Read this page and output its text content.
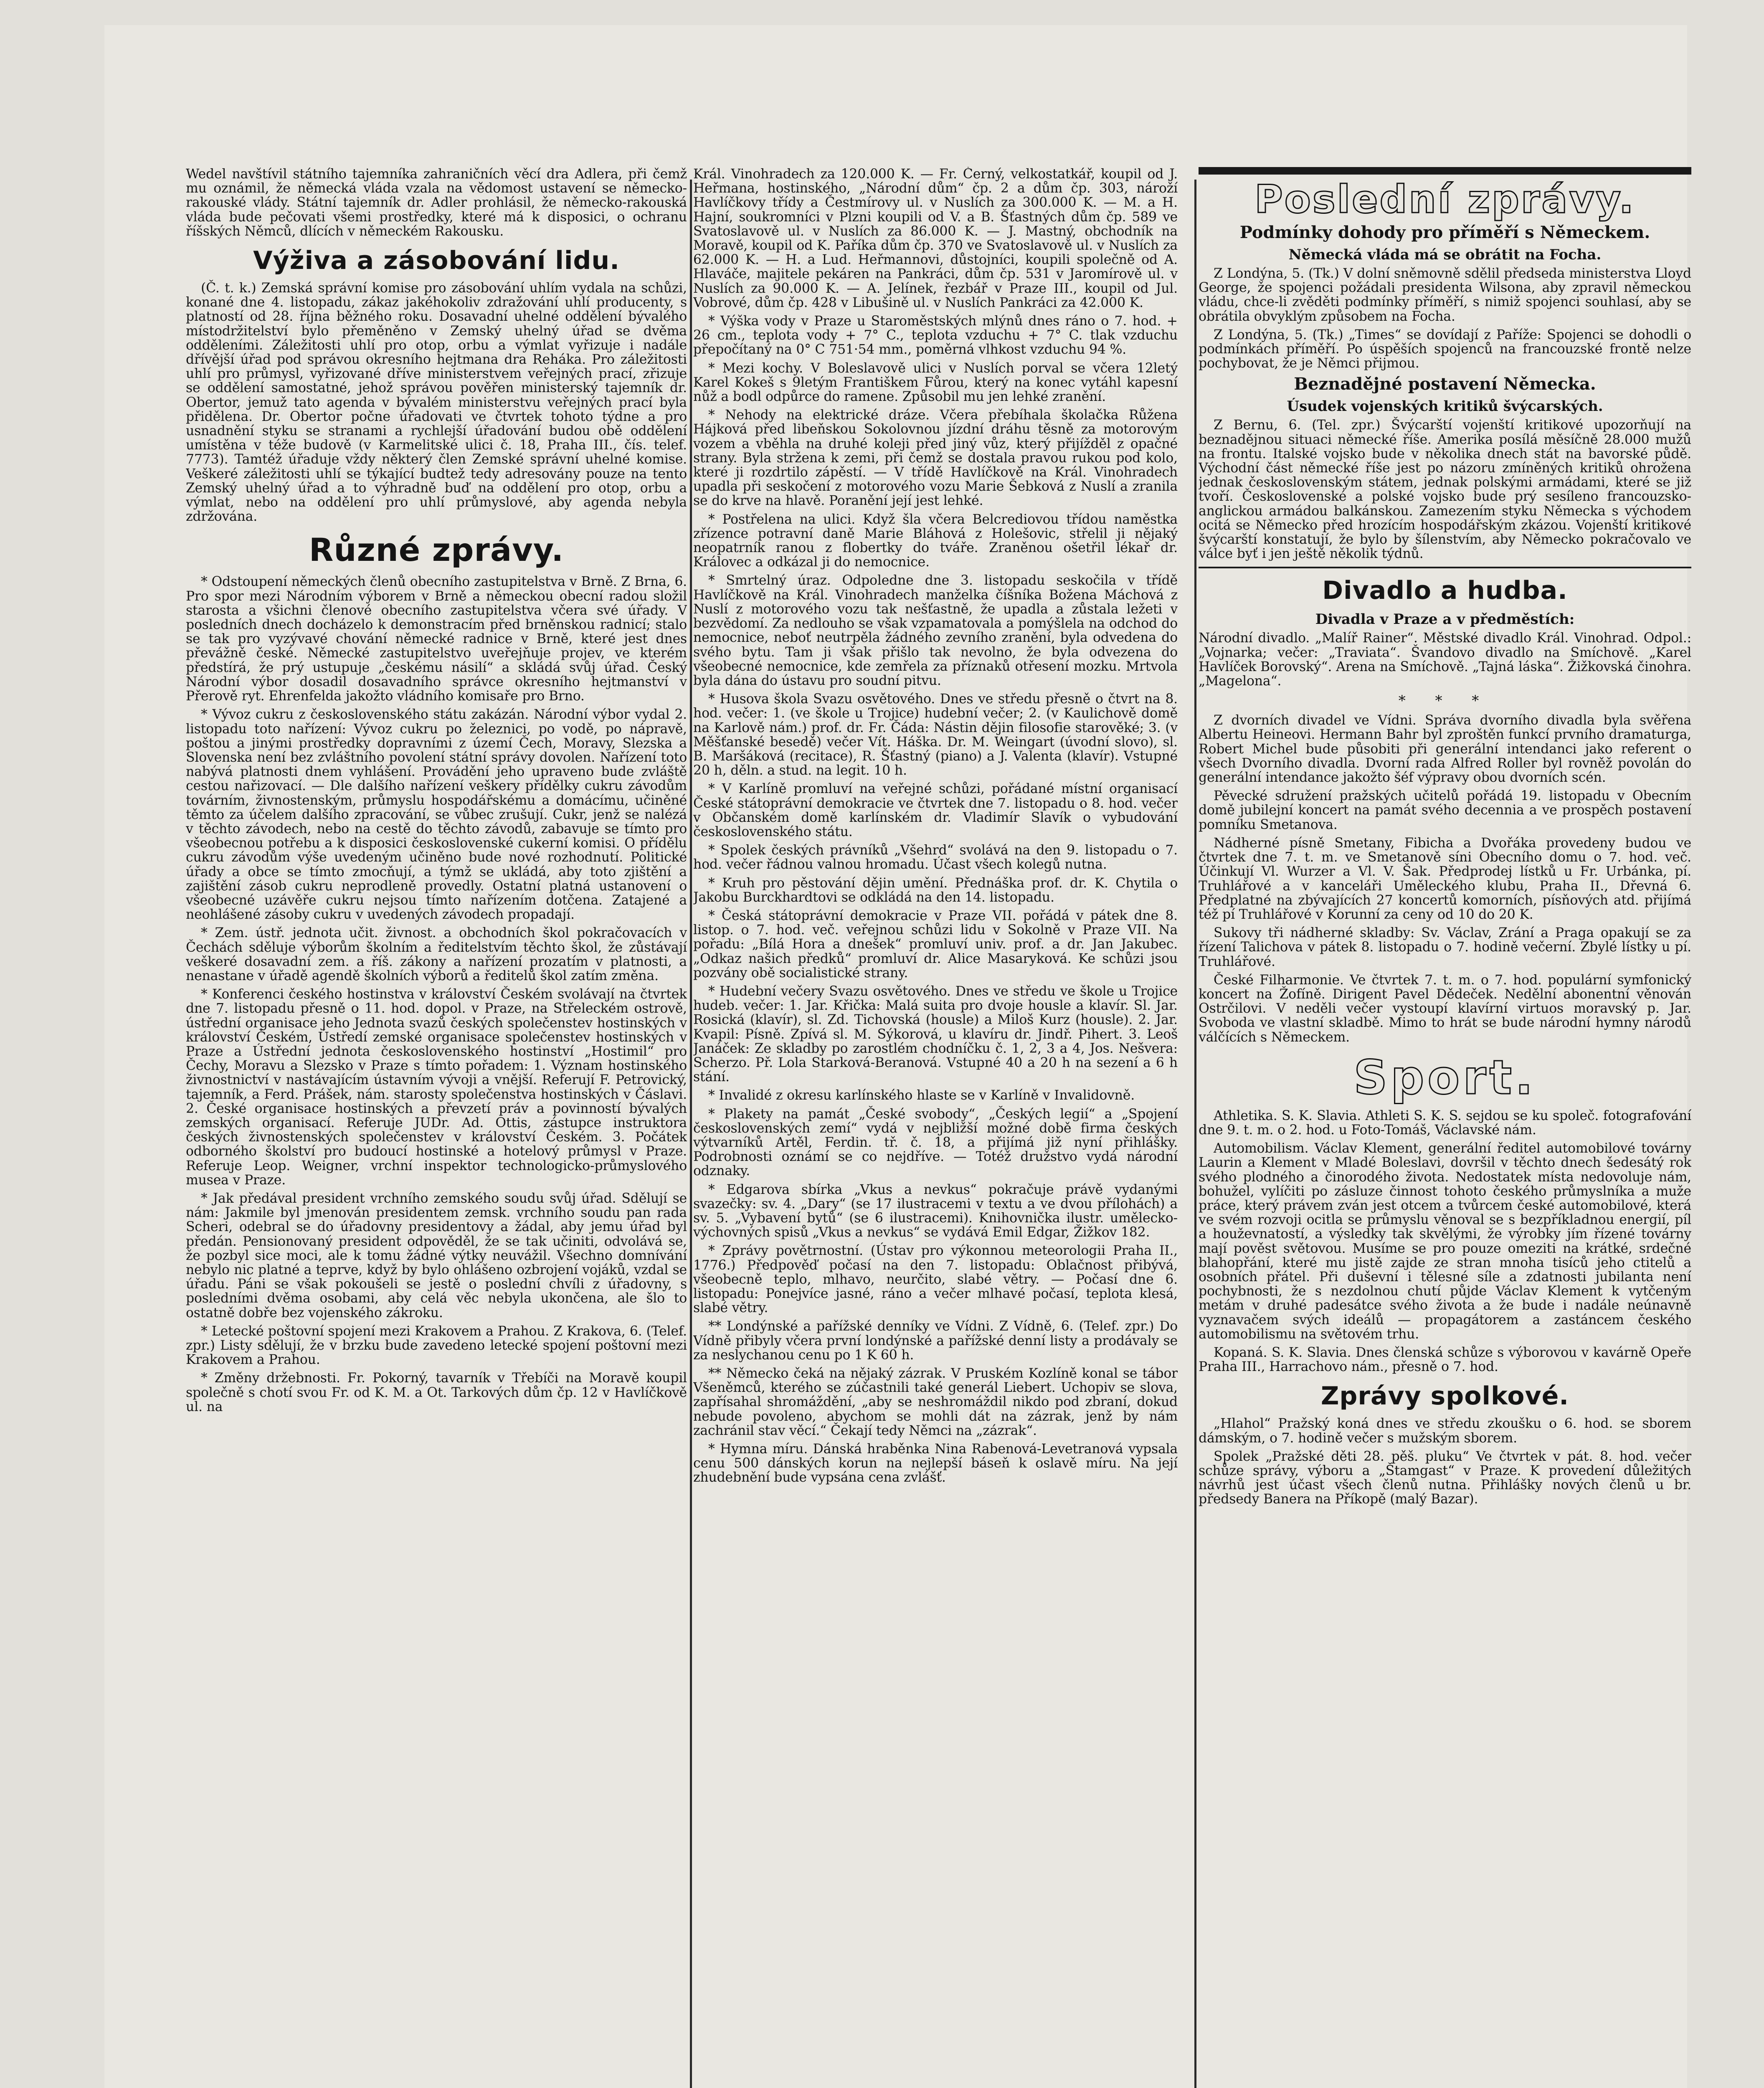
Wedel navštívil státního tajemníka zahraničních věcí dra Adlera, při čemž mu oznámil, že německá vláda vzala na vědomost ustavení se německo-rakouské vlády. Státní tajemník dr. Adler prohlásil, že německo-rakouská vláda bude pečovati všemi prostředky, které má k disposici, o ochranu říšských Němců, dlících v německém Rakousku.

Výživa a zásobování lidu.

(Č. t. k.) Zemská správní komise pro zásobování uhlím vydala na schůzi, konané dne 4. listopadu, zákaz jakéhokoliv zdražování uhlí producenty, s platností od 28. října běžného roku. Dosavadní uhelné oddělení bývalého místodržitelství bylo přeměněno v Zemský uhelný úřad se dvěma odděleními. Záležitosti uhlí pro otop, orbu a výmlat vyřizuje i nadále dřívější úřad pod správou okresního hejtmana dra Reháka. Pro záležitosti uhlí pro průmysl, vyřizované dříve ministerstvem veřejných prací, zřizuje se oddělení samostatné, jehož správou pověřen ministerský tajemník dr. Obertor, jemuž tato agenda v bývalém ministerstvu veřejných prací byla přidělena. Dr. Obertor počne úřadovati ve čtvrtek tohoto týdne a pro usnadnění styku se stranami a rychlejší úřadování budou obě oddělení umístěna v téže budově (v Karmelitské ulici č. 18, Praha III., čís. telef. 7773). Tamtéž úřaduje vždy některý člen Zemské správní uhelné komise. Veškeré záležitosti uhlí se týkající budtež tedy adresovány pouze na tento Zemský uhelný úřad a to výhradně buď na oddělení pro otop, orbu a výmlat, nebo na oddělení pro uhlí průmyslové, aby agenda nebyla zdržována.

Různé zprávy.

* Odstoupení německých členů obecního zastupitelstva v Brně. Z Brna, 6. Pro spor mezi Národním výborem v Brně a německou obecní radou složil starosta a všichni členové obecního zastupitelstva včera své úřady. V posledních dnech docházelo k demonstracím před brněnskou radnicí; stalo se tak pro vyzývavé chování německé radnice v Brně, které jest dnes převážně české. Německé zastupitelstvo uveřejňuje projev, ve kterém předstírá, že prý ustupuje „českému násilí“ a skládá svůj úřad. Český Národní výbor dosadil dosavadního správce okresního hejtmanství v Přerově ryt. Ehrenfelda jakožto vládního komisaře pro Brno.

* Vývoz cukru z československého státu zakázán. Národní výbor vydal 2. listopadu toto nařízení: Vývoz cukru po železnici, po vodě, po nápravě, poštou a jinými prostředky dopravními z území Čech, Moravy, Slezska a Slovenska není bez zvláštního povolení státní správy dovolen. Nařízení toto nabývá platnosti dnem vyhlášení. Provádění jeho upraveno bude zvláště cestou nařizovací. — Dle dalšího nařízení veškery přídělky cukru závodům továrním, živnostenským, průmyslu hospodářskému a domácímu, učiněné těmto za účelem dalšího zpracování, se vůbec zrušují. Cukr, jenž se nalézá v těchto závodech, nebo na cestě do těchto závodů, zabavuje se tímto pro všeobecnou potřebu a k disposici československé cukerní komisi. O přídělu cukru závodům výše uvedeným učiněno bude nové rozhodnutí. Politické úřady a obce se tímto zmocňují, a týmž se ukládá, aby toto zjištění a zajištění zásob cukru neprodleně provedly. Ostatní platná ustanovení o všeobecné uzávěře cukru nejsou tímto nařízením dotčena. Zatajené a neohlášené zásoby cukru v uvedených závodech propadají.

* Zem. ústř. jednota učit. živnost. a obchodních škol pokračovacích v Čechách sděluje výborům školním a ředitelstvím těchto škol, že zůstávají veškeré dosavadní zem. a říš. zákony a nařízení prozatím v platnosti, a nenastane v úřadě agendě školních výborů a ředitelů škol zatím změna.

* Konferenci českého hostinstva v království Českém svolávají na čtvrtek dne 7. listopadu přesně o 11. hod. dopol. v Praze, na Střeleckém ostrově, ústřední organisace jeho Jednota svazů českých společenstev hostinských v království Českém, Ústředí zemské organisace společenstev hostinských v Praze a Ústřední jednota československého hostinství „Hostimil“ pro Čechy, Moravu a Slezsko v Praze s tímto pořadem: 1. Význam hostinského živnostnictví v nastávajícím ústavním vývoji a vnější. Referují F. Petrovický, tajemník, a Ferd. Prášek, nám. starosty společenstva hostinských v Čáslavi. 2. České organisace hostinských a převzetí práv a povinností bývalých zemských organisací. Referuje JUDr. Ad. Ottis, zástupce instruktora českých živnostenských společenstev v království Českém. 3. Počátek odborného školství pro budoucí hostinské a hotelový průmysl v Praze. Referuje Leop. Weigner, vrchní inspektor technologicko-průmyslového musea v Praze.

* Jak předával president vrchního zemského soudu svůj úřad. Sdělují se nám: Jakmile byl jmenován presidentem zemsk. vrchního soudu pan rada Scheri, odebral se do úřadovny presidentovy a žádal, aby jemu úřad byl předán. Pensionovaný president odpověděl, že se tak učiniti, odvolává se, že pozbyl sice moci, ale k tomu žádné výtky neuvážil. Všechno domnívání nebylo nic platné a teprve, když by bylo ohlášeno ozbrojení vojáků, vzdal se úřadu. Páni se však pokoušeli se jestě o poslední chvíli z úřadovny, s posledními dvěma osobami, aby celá věc nebyla ukončena, ale šlo to ostatně dobře bez vojenského zákroku.

* Letecké poštovní spojení mezi Krakovem a Prahou. Z Krakova, 6. (Telef. zpr.) Listy sdělují, že v brzku bude zavedeno letecké spojení poštovní mezi Krakovem a Prahou.

* Změny držebnosti. Fr. Pokorný, tavarník v Třebíči na Moravě koupil společně s chotí svou Fr. od K. M. a Ot. Tarkových dům čp. 12 v Havlíčkově ul. na

Král. Vinohradech za 120.000 K. — Fr. Černý, velkostatkář, koupil od J. Heřmana, hostinského, „Národní dům“ čp. 2 a dům čp. 303, nároží Havlíčkovy třídy a Čestmírovy ul. v Nuslích za 300.000 K. — M. a H. Hajní, soukromníci v Plzni koupili od V. a B. Šťastných dům čp. 589 ve Svatoslavově ul. v Nuslích za 86.000 K. — J. Mastný, obchodník na Moravě, koupil od K. Paříka dům čp. 370 ve Svatoslavově ul. v Nuslích za 62.000 K. — H. a Lud. Heřmannovi, důstojníci, koupili společně od A. Hlaváče, majitele pekáren na Pankráci, dům čp. 531 v Jaromírově ul. v Nuslích za 90.000 K. — A. Jelínek, řezbář v Praze III., koupil od Jul. Vobrové, dům čp. 428 v Libušině ul. v Nuslích Pankráci za 42.000 K.

* Výška vody v Praze u Staroměstských mlýnů dnes ráno o 7. hod. + 26 cm., teplota vody + 7° C., teplota vzduchu + 7° C. tlak vzduchu přepočítaný na 0° C 751·54 mm., poměrná vlhkost vzduchu 94 %.

* Mezi kochy. V Boleslavově ulici v Nuslích porval se včera 12letý Karel Kokeš s 9letým Františkem Fůrou, který na konec vytáhl kapesní nůž a bodl odpůrce do ramene. Způsobil mu jen lehké zranění.

* Nehody na elektrické dráze. Včera přebíhala školačka Růžena Hájková před libeňskou Sokolovnou jízdní dráhu těsně za motorovým vozem a vběhla na druhé koleji před jiný vůz, který přijížděl z opačné strany. Byla stržena k zemi, při čemž se dostala pravou rukou pod kolo, které ji rozdrtilo zápěstí. — V třídě Havlíčkově na Král. Vinohradech upadla při seskočení z motorového vozu Marie Šebková z Nuslí a zranila se do krve na hlavě. Poranění její jest lehké.

* Postřelena na ulici. Když šla včera Belcrediovou třídou naměstka zřízence potravní daně Marie Bláhová z Holešovic, střelil ji nějaký neopatrník ranou z flobertky do tváře. Zraněnou ošetřil lékař dr. Královec a odkázal ji do nemocnice.

* Smrtelný úraz. Odpoledne dne 3. listopadu seskočila v třídě Havlíčkově na Král. Vinohradech manželka číšníka Božena Máchová z Nuslí z motorového vozu tak nešťastně, že upadla a zůstala ležeti v bezvědomí. Za nedlouho se však vzpamatovala a pomýšlela na odchod do nemocnice, neboť neutrpěla žádného zevního zranění, byla odvedena do svého bytu. Tam ji však přišlo tak nevolno, že byla odvezena do všeobecné nemocnice, kde zemřela za příznaků otřesení mozku. Mrtvola byla dána do ústavu pro soudní pitvu.

* Husova škola Svazu osvětového. Dnes ve středu přesně o čtvrt na 8. hod. večer: 1. (ve škole u Trojice) hudební večer; 2. (v Kaulichově domě na Karlově nám.) prof. dr. Fr. Čáda: Nástin dějin filosofie starověké; 3. (v Měšťanské besedě) večer Vít. Háška. Dr. M. Weingart (úvodní slovo), sl. B. Maršáková (recitace), R. Šťastný (piano) a J. Valenta (klavír). Vstupné 20 h, děln. a stud. na legit. 10 h.

* V Karlíně promluví na veřejné schůzi, pořádané místní organisací České státoprávní demokracie ve čtvrtek dne 7. listopadu o 8. hod. večer v Občanském domě karlínském dr. Vladimír Slavík o vybudování československého státu.

* Spolek českých právníků „Všehrd“ svolává na den 9. listopadu o 7. hod. večer řádnou valnou hromadu. Účast všech kolegů nutna.

* Kruh pro pěstování dějin umění. Přednáška prof. dr. K. Chytila o Jakobu Burckhardtovi se odkládá na den 14. listopadu.

* Česká státoprávní demokracie v Praze VII. pořádá v pátek dne 8. listop. o 7. hod. več. veřejnou schůzi lidu v Sokolně v Praze VII. Na pořadu: „Bílá Hora a dnešek“ promluví univ. prof. a dr. Jan Jakubec. „Odkaz našich předků“ promluví dr. Alice Masaryková. Ke schůzi jsou pozvány obě socialistické strany.

* Hudební večery Svazu osvětového. Dnes ve středu ve škole u Trojice hudeb. večer: 1. Jar. Křička: Malá suita pro dvoje housle a klavír. Sl. Jar. Rosická (klavír), sl. Zd. Tichovská (housle) a Miloš Kurz (housle). 2. Jar. Kvapil: Písně. Zpívá sl. M. Sýkorová, u klavíru dr. Jindř. Pihert. 3. Leoš Janáček: Ze skladby po zarostlém chodníčku č. 1, 2, 3 a 4, Jos. Nešvera: Scherzo. Př. Lola Starková-Beranová. Vstupné 40 a 20 h na sezení a 6 h stání.

* Invalidé z okresu karlínského hlaste se v Karlíně v Invalidovně.

* Plakety na památ „České svobody“, „Českých legií“ a „Spojení československých zemí“ vydá v nejbližší možné době firma českých výtvarníků Artěl, Ferdin. tř. č. 18, a přijímá již nyní přihlášky. Podrobnosti oznámí se co nejdříve. — Totéž družstvo vydá národní odznaky.

* Edgarova sbírka „Vkus a nevkus“ pokračuje právě vydanými svazečky: sv. 4. „Dary“ (se 17 ilustracemi v textu a ve dvou přílohách) a sv. 5. „Vybavení bytů“ (se 6 ilustracemi). Knihovnička ilustr. umělecko-výchovných spisů „Vkus a nevkus“ se vydává Emil Edgar, Žižkov 182.

* Zprávy povětrnostní. (Ústav pro výkonnou meteorologii Praha II., 1776.) Předpověď počasí na den 7. listopadu: Oblačnost přibývá, všeobecně teplo, mlhavo, neurčito, slabé větry. — Počasí dne 6. listopadu: Ponejvíce jasné, ráno a večer mlhavé počasí, teplota klesá, slabé větry.

** Londýnské a pařížské denníky ve Vídni. Z Vídně, 6. (Telef. zpr.) Do Vídně přibyly včera první londýnské a pařížské denní listy a prodávaly se za neslychanou cenu po 1 K 60 h.

** Německo čeká na nějaký zázrak. V Pruském Kozlíně konal se tábor Všeněmců, kterého se zúčastnili také generál Liebert. Uchopiv se slova, zapřísahal shromáždění, „aby se neshromáždil nikdo pod zbraní, dokud nebude povoleno, abychom se mohli dát na zázrak, jenž by nám zachránil stav věcí.“ Čekají tedy Němci na „zázrak“.

* Hymna míru. Dánská hraběnka Nina Rabenová-Levetranová vypsala cenu 500 dánských korun na nejlepší báseň k oslavě míru. Na její zhudebnění bude vypsána cena zvlášť.

Poslední zprávy.
Podmínky dohody pro příměří s Německem.
Německá vláda má se obrátit na Focha.

Z Londýna, 5. (Tk.) V dolní sněmovně sdělil předseda ministerstva Lloyd George, že spojenci požádali presidenta Wilsona, aby zpravil německou vládu, chce-li zvěděti podmínky příměří, s nimiž spojenci souhlasí, aby se obrátila obvyklým způsobem na Focha.

Z Londýna, 5. (Tk.) „Times“ se dovídají z Paříže: Spojenci se dohodli o podmínkách příměří. Po úspěších spojenců na francouzské frontě nelze pochybovat, že je Němci přijmou.

Beznadějné postavení Německa.
Úsudek vojenských kritiků švýcarských.

Z Bernu, 6. (Tel. zpr.) Švýcarští vojenští kritikové upozorňují na beznadějnou situaci německé říše. Amerika posílá měsíčně 28.000 mužů na frontu. Italské vojsko bude v několika dnech stát na bavorské půdě. Východní část německé říše jest po názoru zmíněných kritiků ohrožena jednak československým státem, jednak polskými armádami, které se již tvoří. Československé a polské vojsko bude prý sesíleno francouzsko-anglickou armádou balkánskou. Zamezením styku Německa s východem ocitá se Německo před hrozícím hospodářským zkázou. Vojenští kritikové švýcarští konstatují, že bylo by šílenstvím, aby Německo pokračovalo ve válce byť i jen ještě několik týdnů.

Divadlo a hudba.
Divadla v Praze a v předměstích:

Národní divadlo. „Malíř Rainer“. Městské divadlo Král. Vinohrad. Odpol.: „Vojnarka; večer: „Traviata“. Švandovo divadlo na Smíchově. „Karel Havlíček Borovský“. Arena na Smíchově. „Tajná láska“. Žižkovská činohra. „Magelona“.

* * *

Z dvorních divadel ve Vídni. Správa dvorního divadla byla svěřena Albertu Heineovi. Hermann Bahr byl zproštěn funkcí prvního dramaturga, Robert Michel bude působiti při generální intendanci jako referent o všech Dvorního divadla. Dvorní rada Alfred Roller byl rovněž povolán do generální intendance jakožto šéf výpravy obou dvorních scén.

Pěvecké sdružení pražských učitelů pořádá 19. listopadu v Obecním domě jubilejní koncert na památ svého decennia a ve prospěch postavení pomníku Smetanova.

Nádherné písně Smetany, Fibicha a Dvořáka provedeny budou ve čtvrtek dne 7. t. m. ve Smetanově síni Obecního domu o 7. hod. več. Účinkují Vl. Wurzer a Vl. V. Šak. Předprodej lístků u Fr. Urbánka, pí. Truhlářové a v kanceláři Uměleckého klubu, Praha II., Dřevná 6. Předplatné na zbývajících 27 koncertů komorních, písňových atd. přijímá též pí Truhlářové v Korunní za ceny od 10 do 20 K.

Sukovy tři nádherné skladby: Sv. Václav, Zrání a Praga opakují se za řízení Talichova v pátek 8. listopadu o 7. hodině večerní. Zbylé lístky u pí. Truhlářové.

České Filharmonie. Ve čtvrtek 7. t. m. o 7. hod. populární symfonický koncert na Žofíně. Dirigent Pavel Dědeček. Nedělní abonentní věnován Ostrčilovi. V neděli večer vystoupí klavírní virtuos moravský p. Jar. Svoboda ve vlastní skladbě. Mimo to hrát se bude národní hymny národů válčících s Německem.

Sport.

Athletika. S. K. Slavia. Athleti S. K. S. sejdou se ku společ. fotografování dne 9. t. m. o 2. hod. u Foto-Tomáš, Václavské nám.

Automobilism. Václav Klement, generální ředitel automobilové továrny Laurin a Klement v Mladé Boleslavi, dovršil v těchto dnech šedesátý rok svého plodného a činorodého života. Nedostatek místa nedovoluje nám, bohužel, vylíčiti po zásluze činnost tohoto českého průmyslníka a muže práce, který právem zván jest otcem a tvůrcem české automobilové, která ve svém rozvoji ocitla se průmyslu věnoval se s bezpříkladnou energií, píl a houževnatostí, a výsledky tak skvělými, že výrobky jím řízené továrny mají pověst světovou. Musíme se pro pouze omeziti na krátké, srdečné blahopřání, které mu jistě zajde ze stran mnoha tisíců jeho ctitelů a osobních přátel. Při duševní i tělesné síle a zdatnosti jubilanta není pochybnosti, že s nezdolnou chutí půjde Václav Klement k vytčeným metám v druhé padesátce svého života a že bude i nadále neúnavně vyznavačem svých ideálů — propagátorem a zastáncem českého automobilismu na světovém trhu.

Kopaná. S. K. Slavia. Dnes členská schůze s výborovou v kavárně Opeře Praha III., Harrachovo nám., přesně o 7. hod.

Zprávy spolkové.

„Hlahol“ Pražský koná dnes ve středu zkoušku o 6. hod. se sborem dámským, o 7. hodině večer s mužským sborem.

Spolek „Pražské děti 28. pěš. pluku“ Ve čtvrtek v pát. 8. hod. večer schůze správy, výboru a „Štamgast“ v Praze. K provedení důležitých návrhů jest účast všech členů nutna. Přihlášky nových členů u br. předsedy Banera na Příkopě (malý Bazar).
